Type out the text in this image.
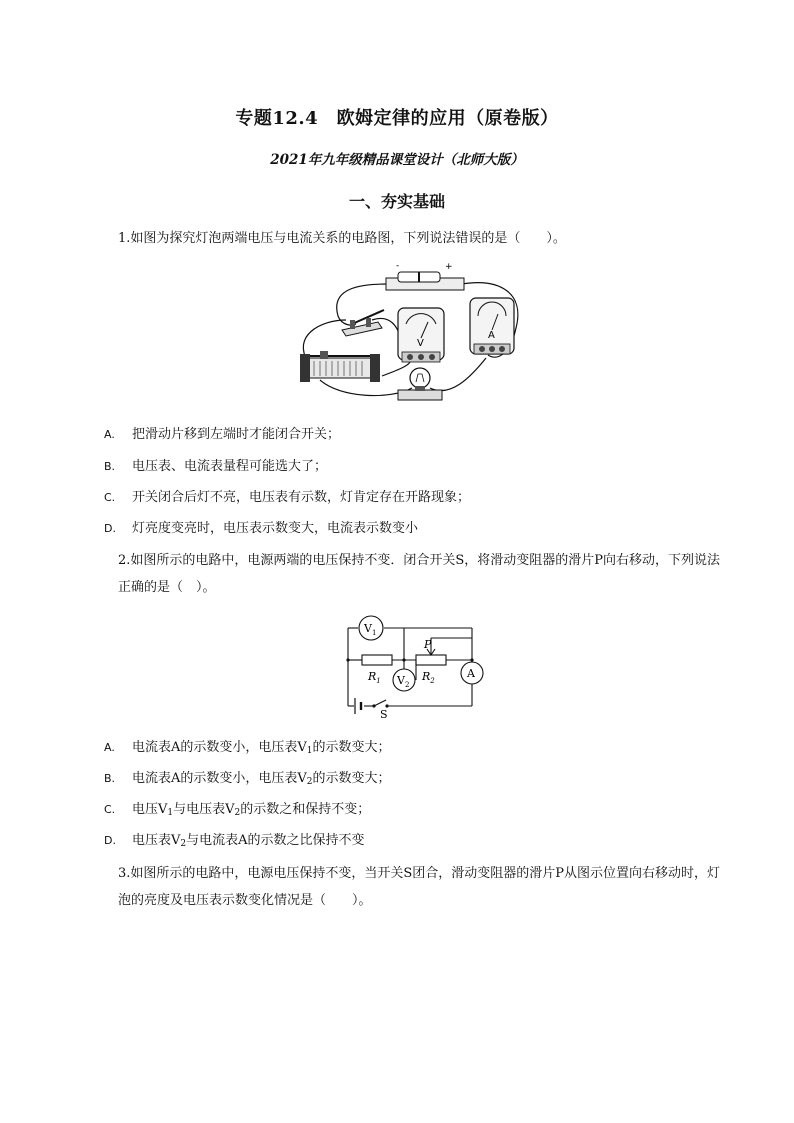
专题12.4　欧姆定律的应用（原卷版）
2021年九年级精品课堂设计（北师大版）
一、夯实基础
1.如图为探究灯泡两端电压与电流关系的电路图，下列说法错误的是（　　）。
-	+
V
A
A. 把滑动片移到左端时才能闭合开关；
B. 电压表、电流表量程可能选大了；
C. 开关闭合后灯不亮，电压表有示数，灯肯定存在开路现象；
D. 灯亮度变亮时，电压表示数变大，电流表示数变小
2.如图所示的电路中，电源两端的电压保持不变．闭合开关S，将滑动变阻器的滑片P向右移动，下列说法正确的是（　）。
$V_1$
$V_2$
A
P
$R_1$	$R_2$
S
A. 电流表A的示数变小，电压表$V_1$的示数变大；
B. 电流表A的示数变小，电压表$V_2$的示数变大；
C. 电压$V_1$与电压表$V_2$的示数之和保持不变；
D. 电压表$V_2$与电流表A的示数之比保持不变
3.如图所示的电路中，电源电压保持不变，当开关S团合，滑动变阻器的滑片P从图示位置向右移动时，灯泡的亮度及电压表示数变化情况是（　　）。
